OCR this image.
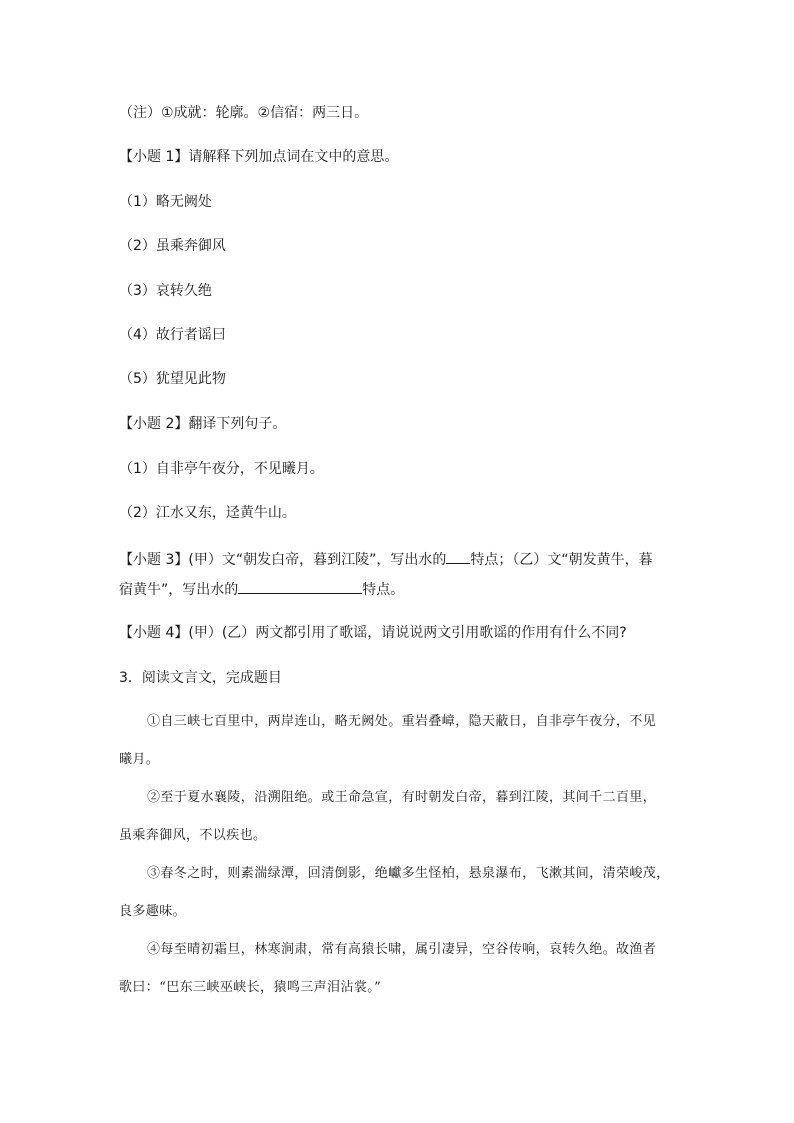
（注）①成就：轮廓。②信宿：两三日。
【小题 1】请解释下列加点词在文中的意思。
（1）略无阙处
（2）虽乘奔御风
（3）哀转久绝
（4）故行者谣曰
（5）犹望见此物
【小题 2】翻译下列句子。
（1）自非亭午夜分，不见曦月。
（2）江水又东，迳黄牛山。
【小题 3】(甲）文“朝发白帝，暮到江陵”，写出水的 特点；（乙）文“朝发黄牛，暮
宿黄牛”，写出水的	特点。
【小题 4】(甲）(乙）两文都引用了歌谣，请说说两文引用歌谣的作用有什么不同?
3．阅读文言文，完成题目
①自三峡七百里中，两岸连山，略无阙处。重岩叠嶂，隐天蔽日，自非亭午夜分，不见
曦月。
②至于夏水襄陵，沿溯阻绝。或王命急宣，有时朝发白帝，暮到江陵，其间千二百里，
虽乘奔御风，不以疾也。
③春冬之时，则素湍绿潭，回清倒影，绝巘多生怪柏，悬泉瀑布，飞漱其间，清荣峻茂，
良多趣味。
④每至晴初霜旦，林寒涧肃，常有高猿长啸，属引凄异，空谷传响，哀转久绝。故渔者
歌曰：“巴东三峡巫峡长，猿鸣三声泪沾裳。”
